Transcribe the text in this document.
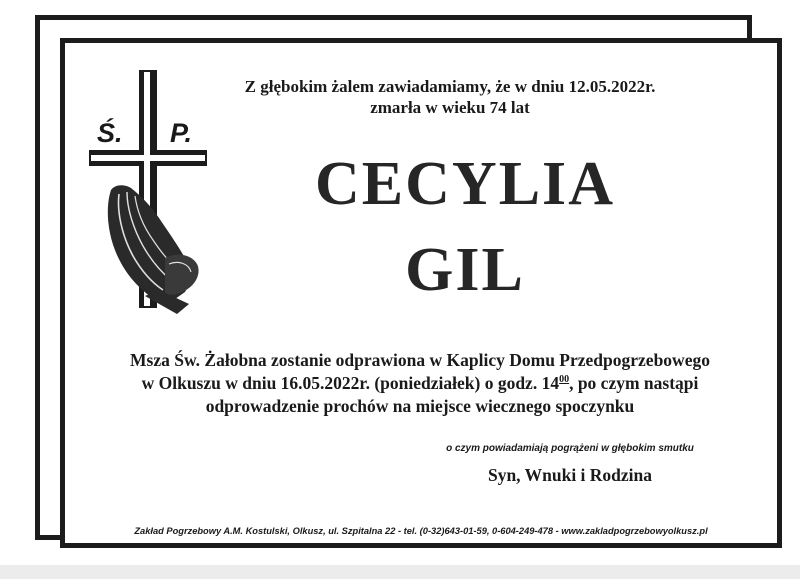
Ś. P.
Z głębokim żalem zawiadamiamy, że w dniu 12.05.2022r.
zmarła w wieku 74 lat
CECYLIA
GIL
Msza Św. Żałobna zostanie odprawiona w Kaplicy Domu Przedpogrzebowego
w Olkuszu w dniu 16.05.2022r. (poniedziałek) o godz. $14^{00}$, po czym nastąpi
odprowadzenie prochów na miejsce wiecznego spoczynku
o czym powiadamiają pogrążeni w głębokim smutku
Syn, Wnuki i Rodzina
Zakład Pogrzebowy A.M. Kostulski, Olkusz, ul. Szpitalna 22 - tel. (0-32)643-01-59, 0-604-249-478 - www.zakladpogrzebowyolkusz.pl
